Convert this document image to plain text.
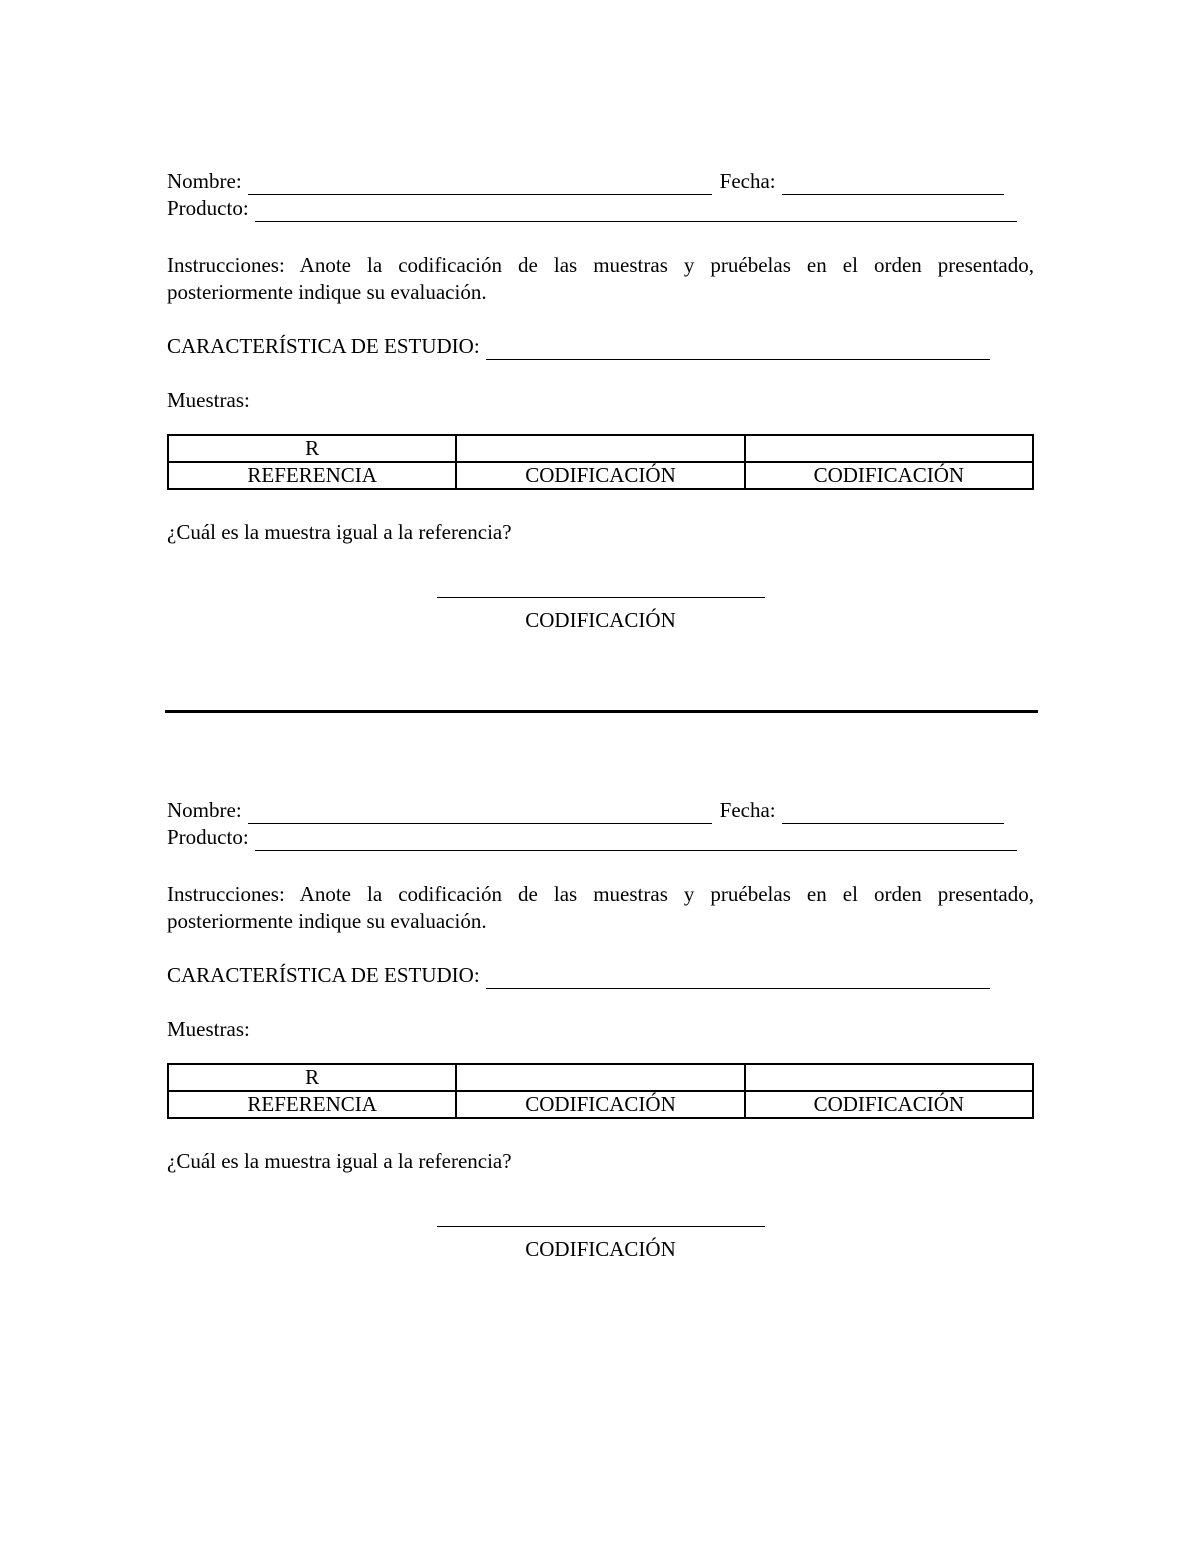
Nombre:	Fecha:
Producto:
Instrucciones: Anote la codificación de las muestras y pruébelas en el orden presentado,
posteriormente indique su evaluación.
CARACTERÍSTICA DE ESTUDIO:
Muestras:
R		
REFERENCIA	CODIFICACIÓN	CODIFICACIÓN
¿Cuál es la muestra igual a la referencia?
CODIFICACIÓN
Nombre:	Fecha:
Producto:
Instrucciones: Anote la codificación de las muestras y pruébelas en el orden presentado,
posteriormente indique su evaluación.
CARACTERÍSTICA DE ESTUDIO:
Muestras:
R		
REFERENCIA	CODIFICACIÓN	CODIFICACIÓN
¿Cuál es la muestra igual a la referencia?
CODIFICACIÓN
